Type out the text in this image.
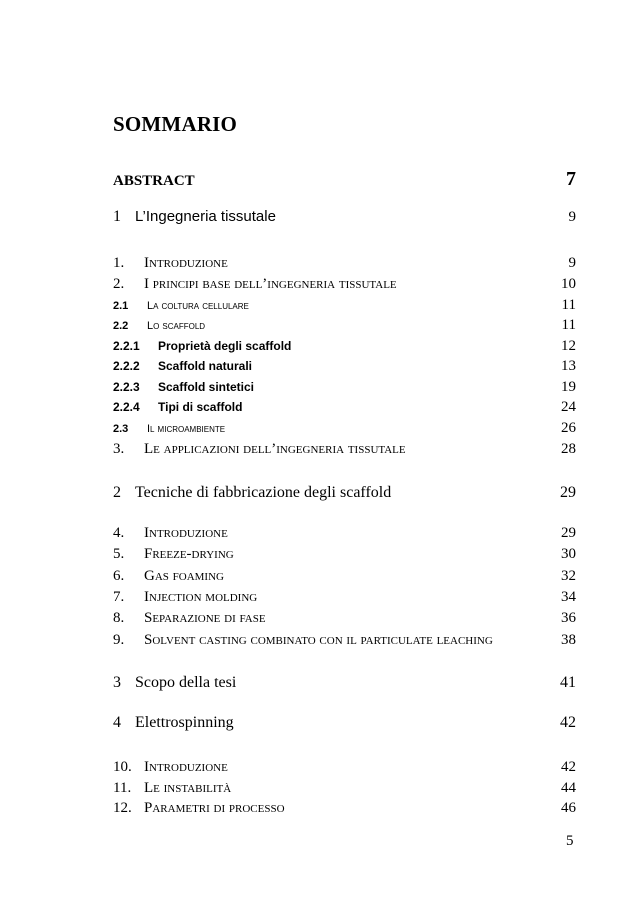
SOMMARIO
ABSTRACT	7
1 L’Ingegneria tissutale	9
1.	Introduzione	9
2.	I principi base dell’ingegneria tissutale	10
2.1	La coltura cellulare	11
2.2	Lo scaffold	11
2.2.1	Proprietà degli scaffold	12
2.2.2	Scaffold naturali	13
2.2.3	Scaffold sintetici	19
2.2.4	Tipi di scaffold	24
2.3	Il microambiente	26
3.	Le applicazioni dell’ingegneria tissutale	28
2 Tecniche di fabbricazione degli scaffold	29
4.	Introduzione	29
5.	Freeze-drying	30
6.	Gas foaming	32
7.	Injection molding	34
8.	Separazione di fase	36
9.	Solvent casting combinato con il particulate leaching	38
3 Scopo della tesi	41
4 Elettrospinning	42
10. Introduzione	42
11. Le instabilità	44
12. Parametri di processo	46
5
